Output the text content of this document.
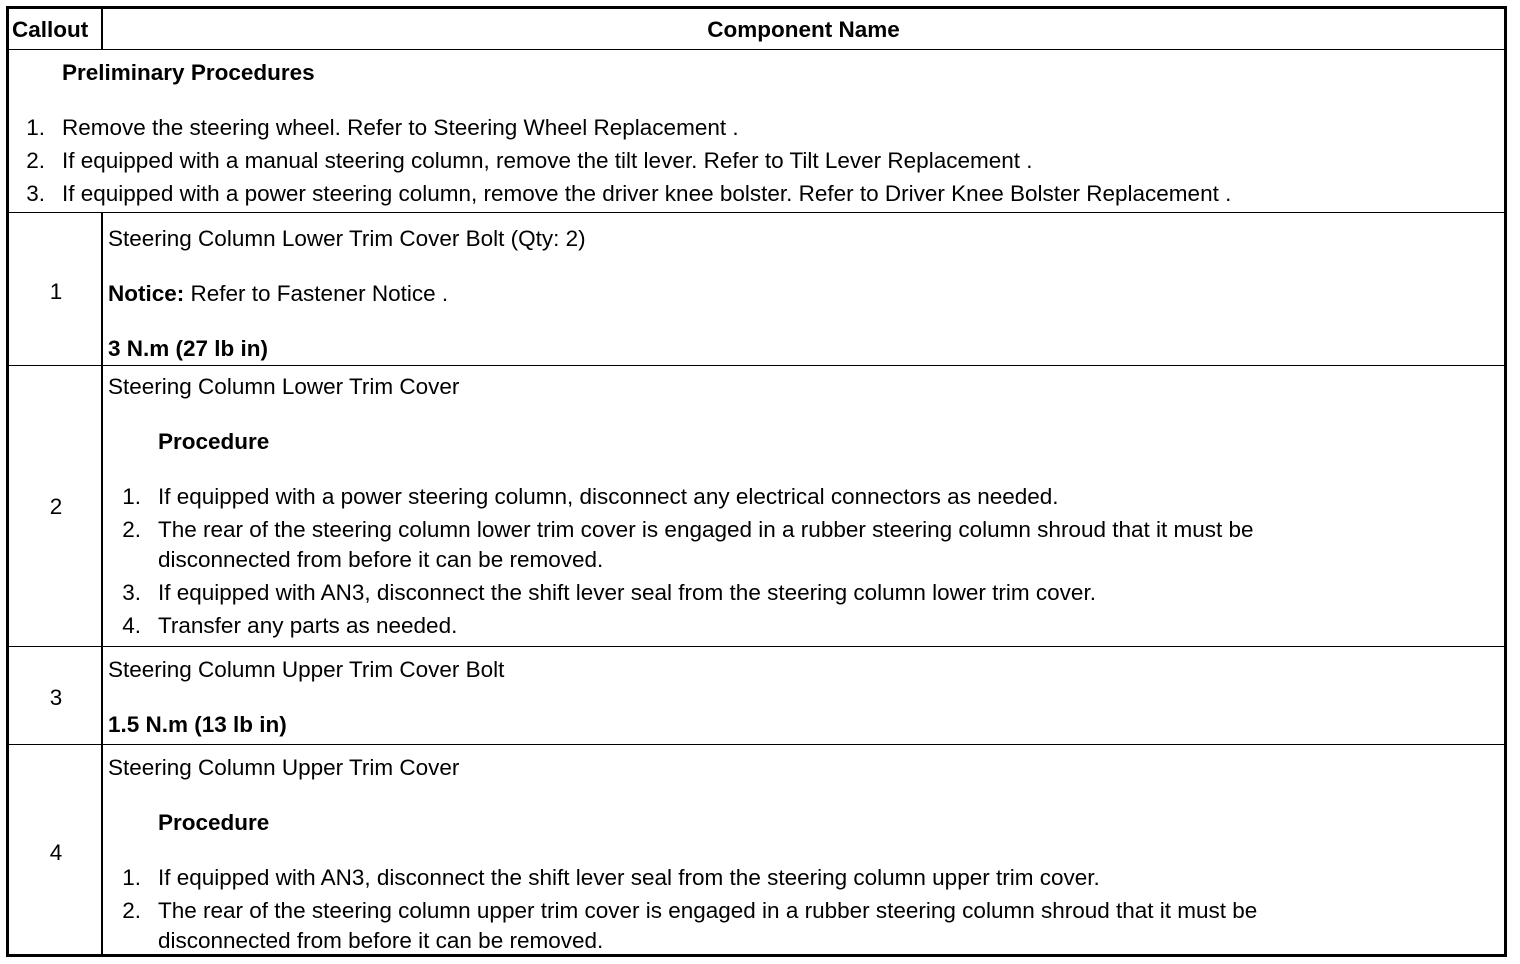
Callout	Component Name
Preliminary Procedures
1. Remove the steering wheel. Refer to Steering Wheel Replacement .
2. If equipped with a manual steering column, remove the tilt lever. Refer to Tilt Lever Replacement .
3. If equipped with a power steering column, remove the driver knee bolster. Refer to Driver Knee Bolster Replacement .
1
Steering Column Lower Trim Cover Bolt (Qty: 2)
Notice: Refer to Fastener Notice .
3 N.m (27 lb in)
2
Steering Column Lower Trim Cover
Procedure
1. If equipped with a power steering column, disconnect any electrical connectors as needed.
2. The rear of the steering column lower trim cover is engaged in a rubber steering column shroud that it must be
disconnected from before it can be removed.
3. If equipped with AN3, disconnect the shift lever seal from the steering column lower trim cover.
4. Transfer any parts as needed.
3
Steering Column Upper Trim Cover Bolt
1.5 N.m (13 lb in)
4
Steering Column Upper Trim Cover
Procedure
1. If equipped with AN3, disconnect the shift lever seal from the steering column upper trim cover.
2. The rear of the steering column upper trim cover is engaged in a rubber steering column shroud that it must be
disconnected from before it can be removed.
